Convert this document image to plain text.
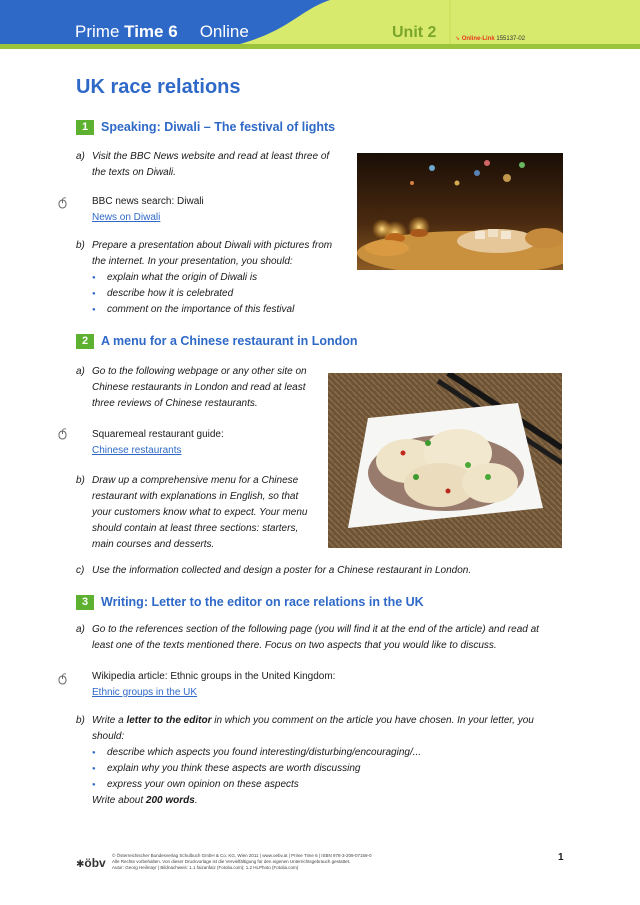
Prime Time 6 Online	Unit 2	➘ Online-Link 155137-02
UK race relations
1	Speaking: Diwali – The festival of lights
a) Visit the BBC News website and read at least three of the texts on Diwali.
BBC news search: Diwali
News on Diwali
b) Prepare a presentation about Diwali with pictures from the internet. In your presentation, you should:
● explain what the origin of Diwali is
● describe how it is celebrated
● comment on the importance of this festival
2	A menu for a Chinese restaurant in London
a) Go to the following webpage or any other site on Chinese restaurants in London and read at least three reviews of Chinese restaurants.
Squaremeal restaurant guide:
Chinese restaurants
b) Draw up a comprehensive menu for a Chinese restaurant with explanations in English, so that your customers know what to expect. Your menu should contain at least three sections: starters, main courses and desserts.
c) Use the information collected and design a poster for a Chinese restaurant in London.
3	Writing: Letter to the editor on race relations in the UK
a) Go to the references section of the following page (you will find it at the end of the article) and read at least one of the texts mentioned there. Focus on two aspects that you would like to discuss.
Wikipedia article: Ethnic groups in the United Kingdom:
Ethnic groups in the UK
b) Write a letter to the editor in which you comment on the article you have chosen. In your letter, you should:
● describe which aspects you found interesting/disturbing/encouraging/...
● explain why you think these aspects are worth discussing
● express your own opinion on these aspects
Write about 200 words.
✱öbv
© Österreichischer Bundesverlag Schulbuch GmbH & Co. KG, Wien 2011 | www.oebv.at | Prime Time 6 | ISBN 978-3-209-07159-0
Alle Rechte vorbehalten. Von dieser Druckvorlage ist die Vervielfältigung für den eigenen Unterrichtsgebrauch gestattet.
Autor: Georg Heilmayr | Bildnachweis: 1.1 faizanfaiz (Fotolia.com); 1.2 HLPhoto (Fotolia.com)
1
